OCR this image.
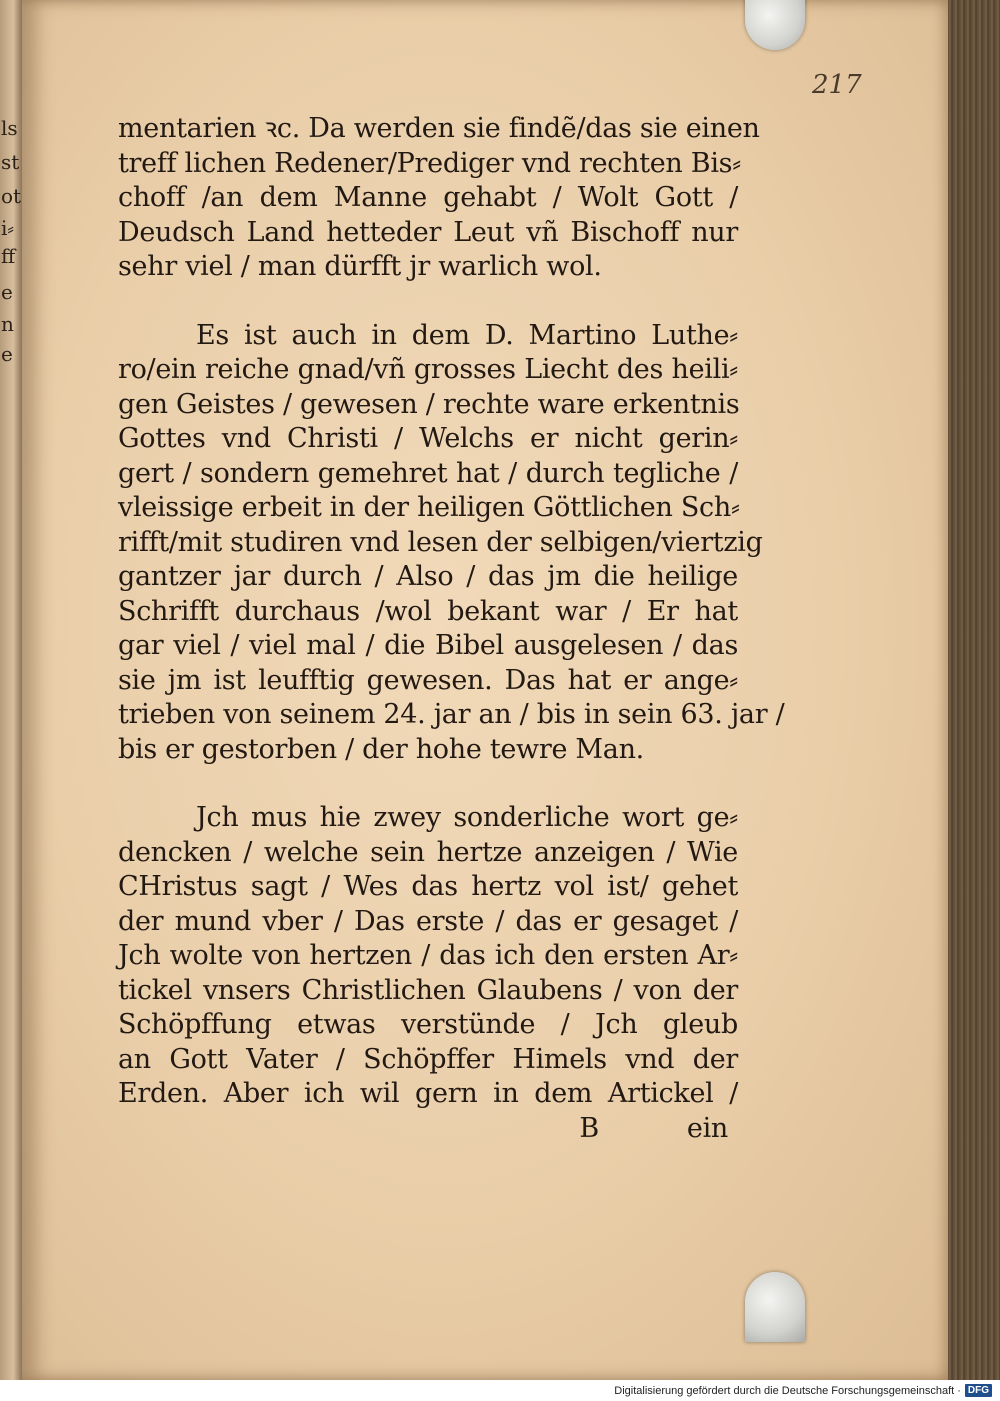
ls
st
ot
i⸗
ff
e
n
e
217
mentarien ꝛc. Da werden sie findẽ/das sie einen
treff lichen Redener/Prediger vnd rechten Bis⸗
choff /an dem Manne gehabt / Wolt Gott /
Deudsch Land hetteder Leut vñ Bischoff nur
sehr viel / man dürfft jr warlich wol.
Es ist auch in dem D. Martino Luthe⸗
ro/ein reiche gnad/vñ grosses Liecht des heili⸗
gen Geistes / gewesen / rechte ware erkentnis
Gottes vnd Christi / Welchs er nicht gerin⸗
gert / sondern gemehret hat / durch tegliche /
vleissige erbeit in der heiligen Göttlichen Sch⸗
rifft/mit studiren vnd lesen der selbigen/viertzig
gantzer jar durch / Also / das jm die heilige
Schrifft durchaus /wol bekant war / Er hat
gar viel / viel mal / die Bibel ausgelesen / das
sie jm ist leufftig gewesen. Das hat er ange⸗
trieben von seinem 24. jar an / bis in sein 63. jar /
bis er gestorben / der hohe tewre Man.
Jch mus hie zwey sonderliche wort ge⸗
dencken / welche sein hertze anzeigen / Wie
CHristus sagt / Wes das hertz vol ist/ gehet
der mund vber / Das erste / das er gesaget /
Jch wolte von hertzen / das ich den ersten Ar⸗
tickel vnsers Christlichen Glaubens / von der
Schöpffung etwas verstünde / Jch gleub
an Gott Vater / Schöpffer Himels vnd der
Erden. Aber ich wil gern in dem Artickel /
B	ein
Digitalisierung gefördert durch die Deutsche Forschungsgemeinschaft · DFG
